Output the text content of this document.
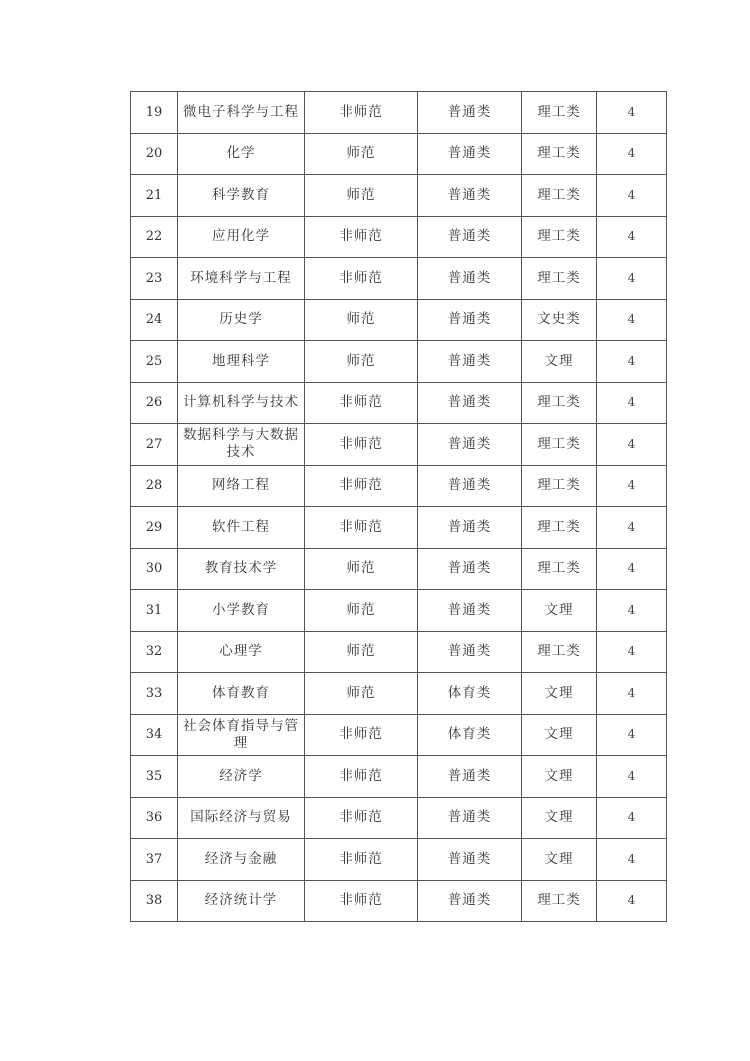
19	微电子科学与工程	非师范	普通类	理工类	4
20	化学	师范	普通类	理工类	4
21	科学教育	师范	普通类	理工类	4
22	应用化学	非师范	普通类	理工类	4
23	环境科学与工程	非师范	普通类	理工类	4
24	历史学	师范	普通类	文史类	4
25	地理科学	师范	普通类	文理	4
26	计算机科学与技术	非师范	普通类	理工类	4
27	数据科学与大数据技术	非师范	普通类	理工类	4
28	网络工程	非师范	普通类	理工类	4
29	软件工程	非师范	普通类	理工类	4
30	教育技术学	师范	普通类	理工类	4
31	小学教育	师范	普通类	文理	4
32	心理学	师范	普通类	理工类	4
33	体育教育	师范	体育类	文理	4
34	社会体育指导与管理	非师范	体育类	文理	4
35	经济学	非师范	普通类	文理	4
36	国际经济与贸易	非师范	普通类	文理	4
37	经济与金融	非师范	普通类	文理	4
38	经济统计学	非师范	普通类	理工类	4
